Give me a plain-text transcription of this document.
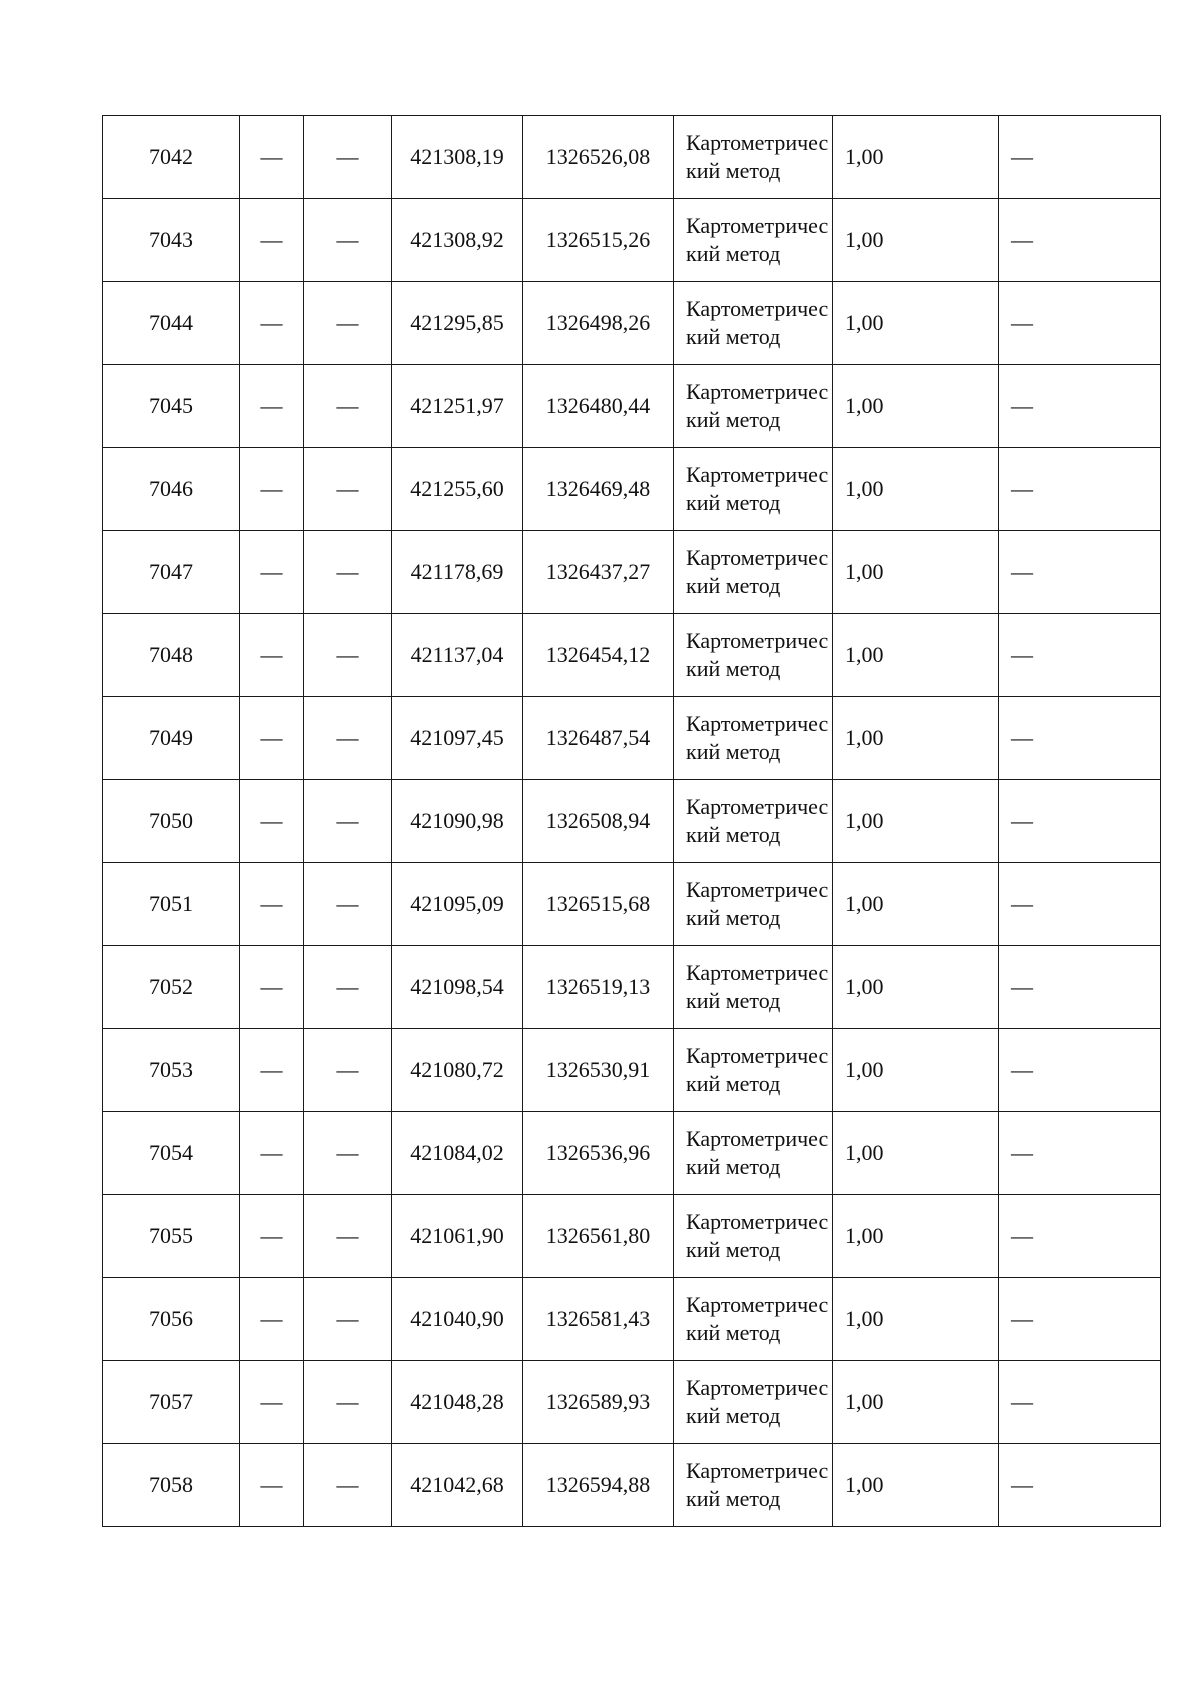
7042	—	—	421308,19	1326526,08	Картометрический метод	1,00	—
7043	—	—	421308,92	1326515,26	Картометрический метод	1,00	—
7044	—	—	421295,85	1326498,26	Картометрический метод	1,00	—
7045	—	—	421251,97	1326480,44	Картометрический метод	1,00	—
7046	—	—	421255,60	1326469,48	Картометрический метод	1,00	—
7047	—	—	421178,69	1326437,27	Картометрический метод	1,00	—
7048	—	—	421137,04	1326454,12	Картометрический метод	1,00	—
7049	—	—	421097,45	1326487,54	Картометрический метод	1,00	—
7050	—	—	421090,98	1326508,94	Картометрический метод	1,00	—
7051	—	—	421095,09	1326515,68	Картометрический метод	1,00	—
7052	—	—	421098,54	1326519,13	Картометрический метод	1,00	—
7053	—	—	421080,72	1326530,91	Картометрический метод	1,00	—
7054	—	—	421084,02	1326536,96	Картометрический метод	1,00	—
7055	—	—	421061,90	1326561,80	Картометрический метод	1,00	—
7056	—	—	421040,90	1326581,43	Картометрический метод	1,00	—
7057	—	—	421048,28	1326589,93	Картометрический метод	1,00	—
7058	—	—	421042,68	1326594,88	Картометрический метод	1,00	—
